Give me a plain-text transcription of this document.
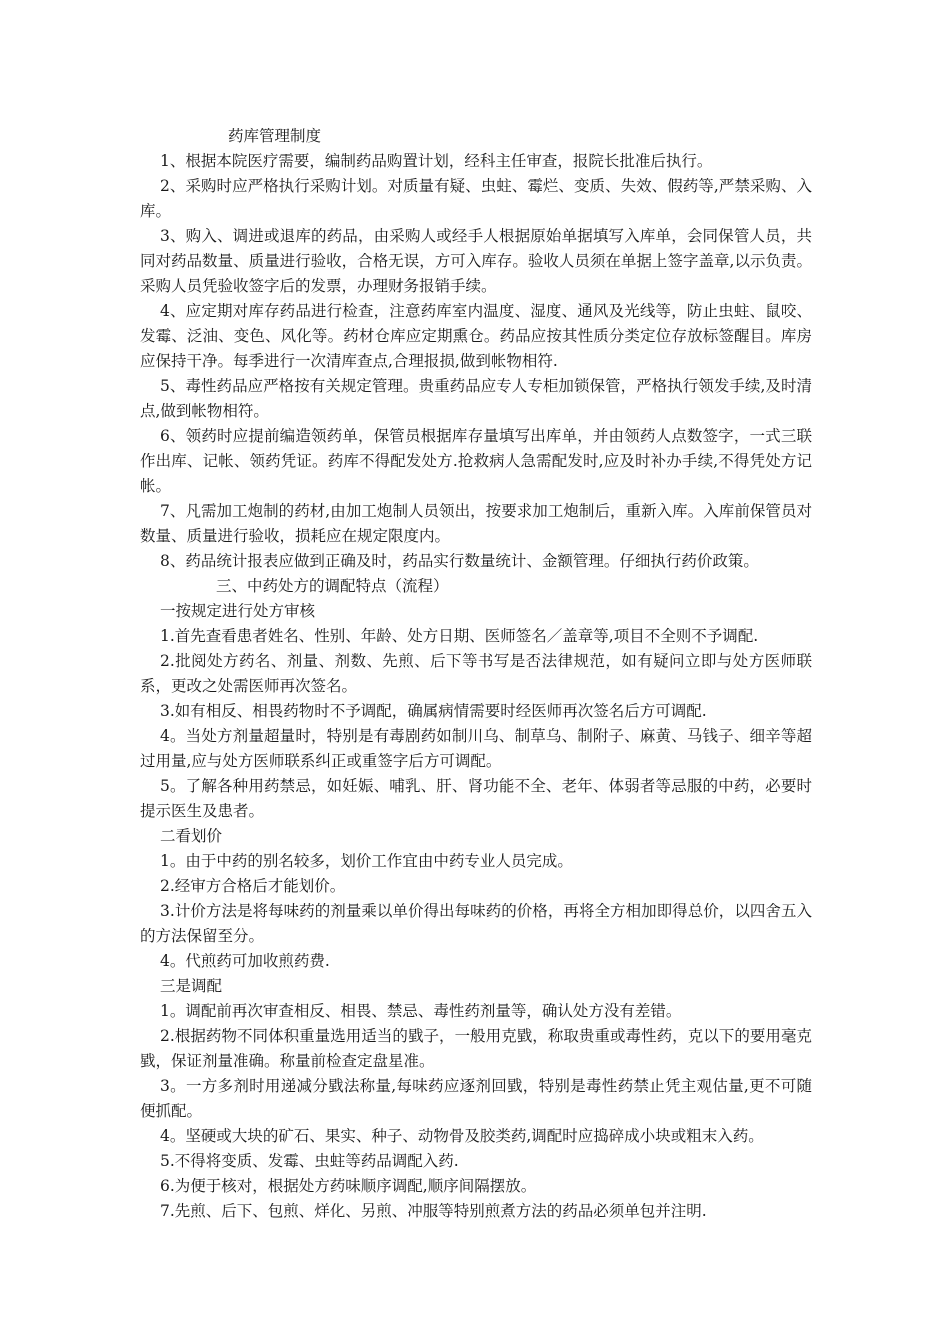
药库管理制度
1、根据本院医疗需要，编制药品购置计划，经科主任审查，报院长批准后执行。
2、采购时应严格执行采购计划。对质量有疑、虫蛀、霉烂、变质、失效、假药等,严禁采购、入库。
3、购入、调进或退库的药品，由采购人或经手人根据原始单据填写入库单，会同保管人员，共同对药品数量、质量进行验收，合格无误，方可入库存。验收人员须在单据上签字盖章,以示负责。采购人员凭验收签字后的发票，办理财务报销手续。
4、应定期对库存药品进行检查，注意药库室内温度、湿度、通风及光线等，防止虫蛀、鼠咬、发霉、泛油、变色、风化等。药材仓库应定期熏仓。药品应按其性质分类定位存放标签醒目。库房应保持干净。每季进行一次清库查点,合理报损,做到帐物相符.
5、毒性药品应严格按有关规定管理。贵重药品应专人专柜加锁保管，严格执行领发手续,及时清点,做到帐物相符。
6、领药时应提前编造领药单，保管员根据库存量填写出库单，并由领药人点数签字，一式三联作出库、记帐、领药凭证。药库不得配发处方.抢救病人急需配发时,应及时补办手续,不得凭处方记帐。
7、凡需加工炮制的药材,由加工炮制人员领出，按要求加工炮制后，重新入库。入库前保管员对数量、质量进行验收，损耗应在规定限度内。
8、药品统计报表应做到正确及时，药品实行数量统计、金额管理。仔细执行药价政策。
三、中药处方的调配特点（流程）
一按规定进行处方审核
1.首先查看患者姓名、性别、年龄、处方日期、医师签名／盖章等,项目不全则不予调配.
2.批阅处方药名、剂量、剂数、先煎、后下等书写是否法律规范，如有疑问立即与处方医师联系，更改之处需医师再次签名。
3.如有相反、相畏药物时不予调配，确属病情需要时经医师再次签名后方可调配.
4。当处方剂量超量时，特别是有毒剧药如制川乌、制草乌、制附子、麻黄、马钱子、细辛等超过用量,应与处方医师联系纠正或重签字后方可调配。
5。了解各种用药禁忌，如妊娠、哺乳、肝、肾功能不全、老年、体弱者等忌服的中药，必要时提示医生及患者。
二看划价
1。由于中药的别名较多，划价工作宜由中药专业人员完成。
2.经审方合格后才能划价。
3.计价方法是将每味药的剂量乘以单价得出每味药的价格，再将全方相加即得总价，以四舍五入的方法保留至分。
4。代煎药可加收煎药费.
三是调配
1。调配前再次审查相反、相畏、禁忌、毒性药剂量等，确认处方没有差错。
2.根据药物不同体积重量选用适当的戥子，一般用克戥，称取贵重或毒性药，克以下的要用毫克戥，保证剂量准确。称量前检查定盘星准。
3。一方多剂时用递减分戥法称量,每味药应逐剂回戥，特别是毒性药禁止凭主观估量,更不可随便抓配。
4。坚硬或大块的矿石、果实、种子、动物骨及胶类药,调配时应捣碎成小块或粗末入药。
5.不得将变质、发霉、虫蛀等药品调配入药.
6.为便于核对，根据处方药味顺序调配,顺序间隔摆放。
7.先煎、后下、包煎、烊化、另煎、冲服等特别煎煮方法的药品必须单包并注明.
